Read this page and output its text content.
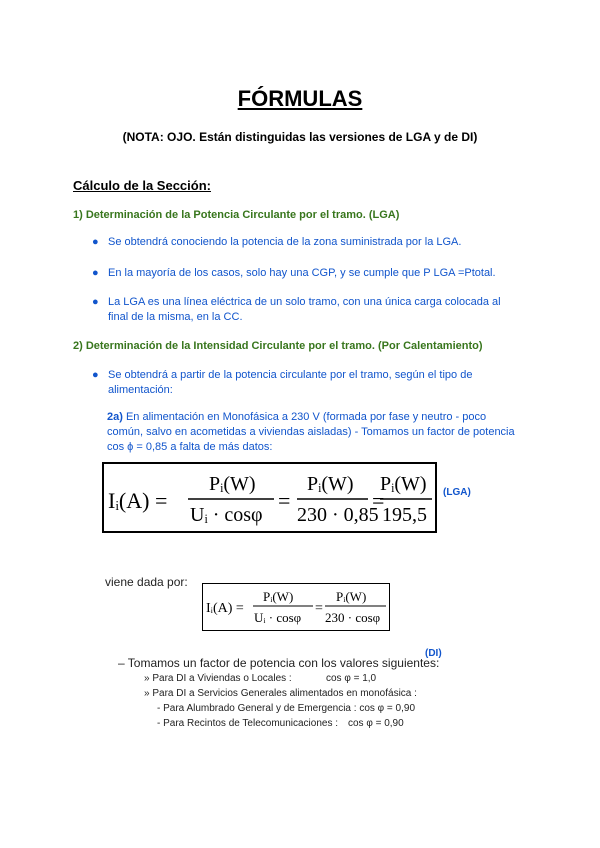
FÓRMULAS
(NOTA: OJO. Están distinguidas las versiones de LGA y de DI)
Cálculo de la Sección:
1) Determinación de la Potencia Circulante por el tramo. (LGA)
● Se obtendrá conociendo la potencia de la zona suministrada por la LGA.
● En la mayoría de los casos, solo hay una CGP, y se cumple que P LGA =Ptotal.
● La LGA es una línea eléctrica de un solo tramo, con una única carga colocada al final de la misma, en la CC.
2) Determinación de la Intensidad Circulante por el tramo. (Por Calentamiento)
● Se obtendrá a partir de la potencia circulante por el tramo, según el tipo de alimentación:
2a) En alimentación en Monofásica a 230 V (formada por fase y neutro - poco común, salvo en acometidas a viviendas aisladas) - Tomamos un factor de potencia cos ϕ = 0,85 a falta de más datos:
Iᵢ(A) =
Pᵢ(W)
Uᵢ · cosφ
=
Pᵢ(W)
230 · 0,85
=
Pᵢ(W)
195,5
(LGA)
viene dada por:
Iᵢ(A) =
Pᵢ(W)
Uᵢ · cosφ
=
Pᵢ(W)
230 · cosφ
(DI)
– Tomamos un factor de potencia con los valores siguientes:
» Para DI a Viviendas o Locales :	cos φ = 1,0
» Para DI a Servicios Generales alimentados en monofásica :
- Para Alumbrado General y de Emergencia : cos φ = 0,90
- Para Recintos de Telecomunicaciones : cos φ = 0,90
